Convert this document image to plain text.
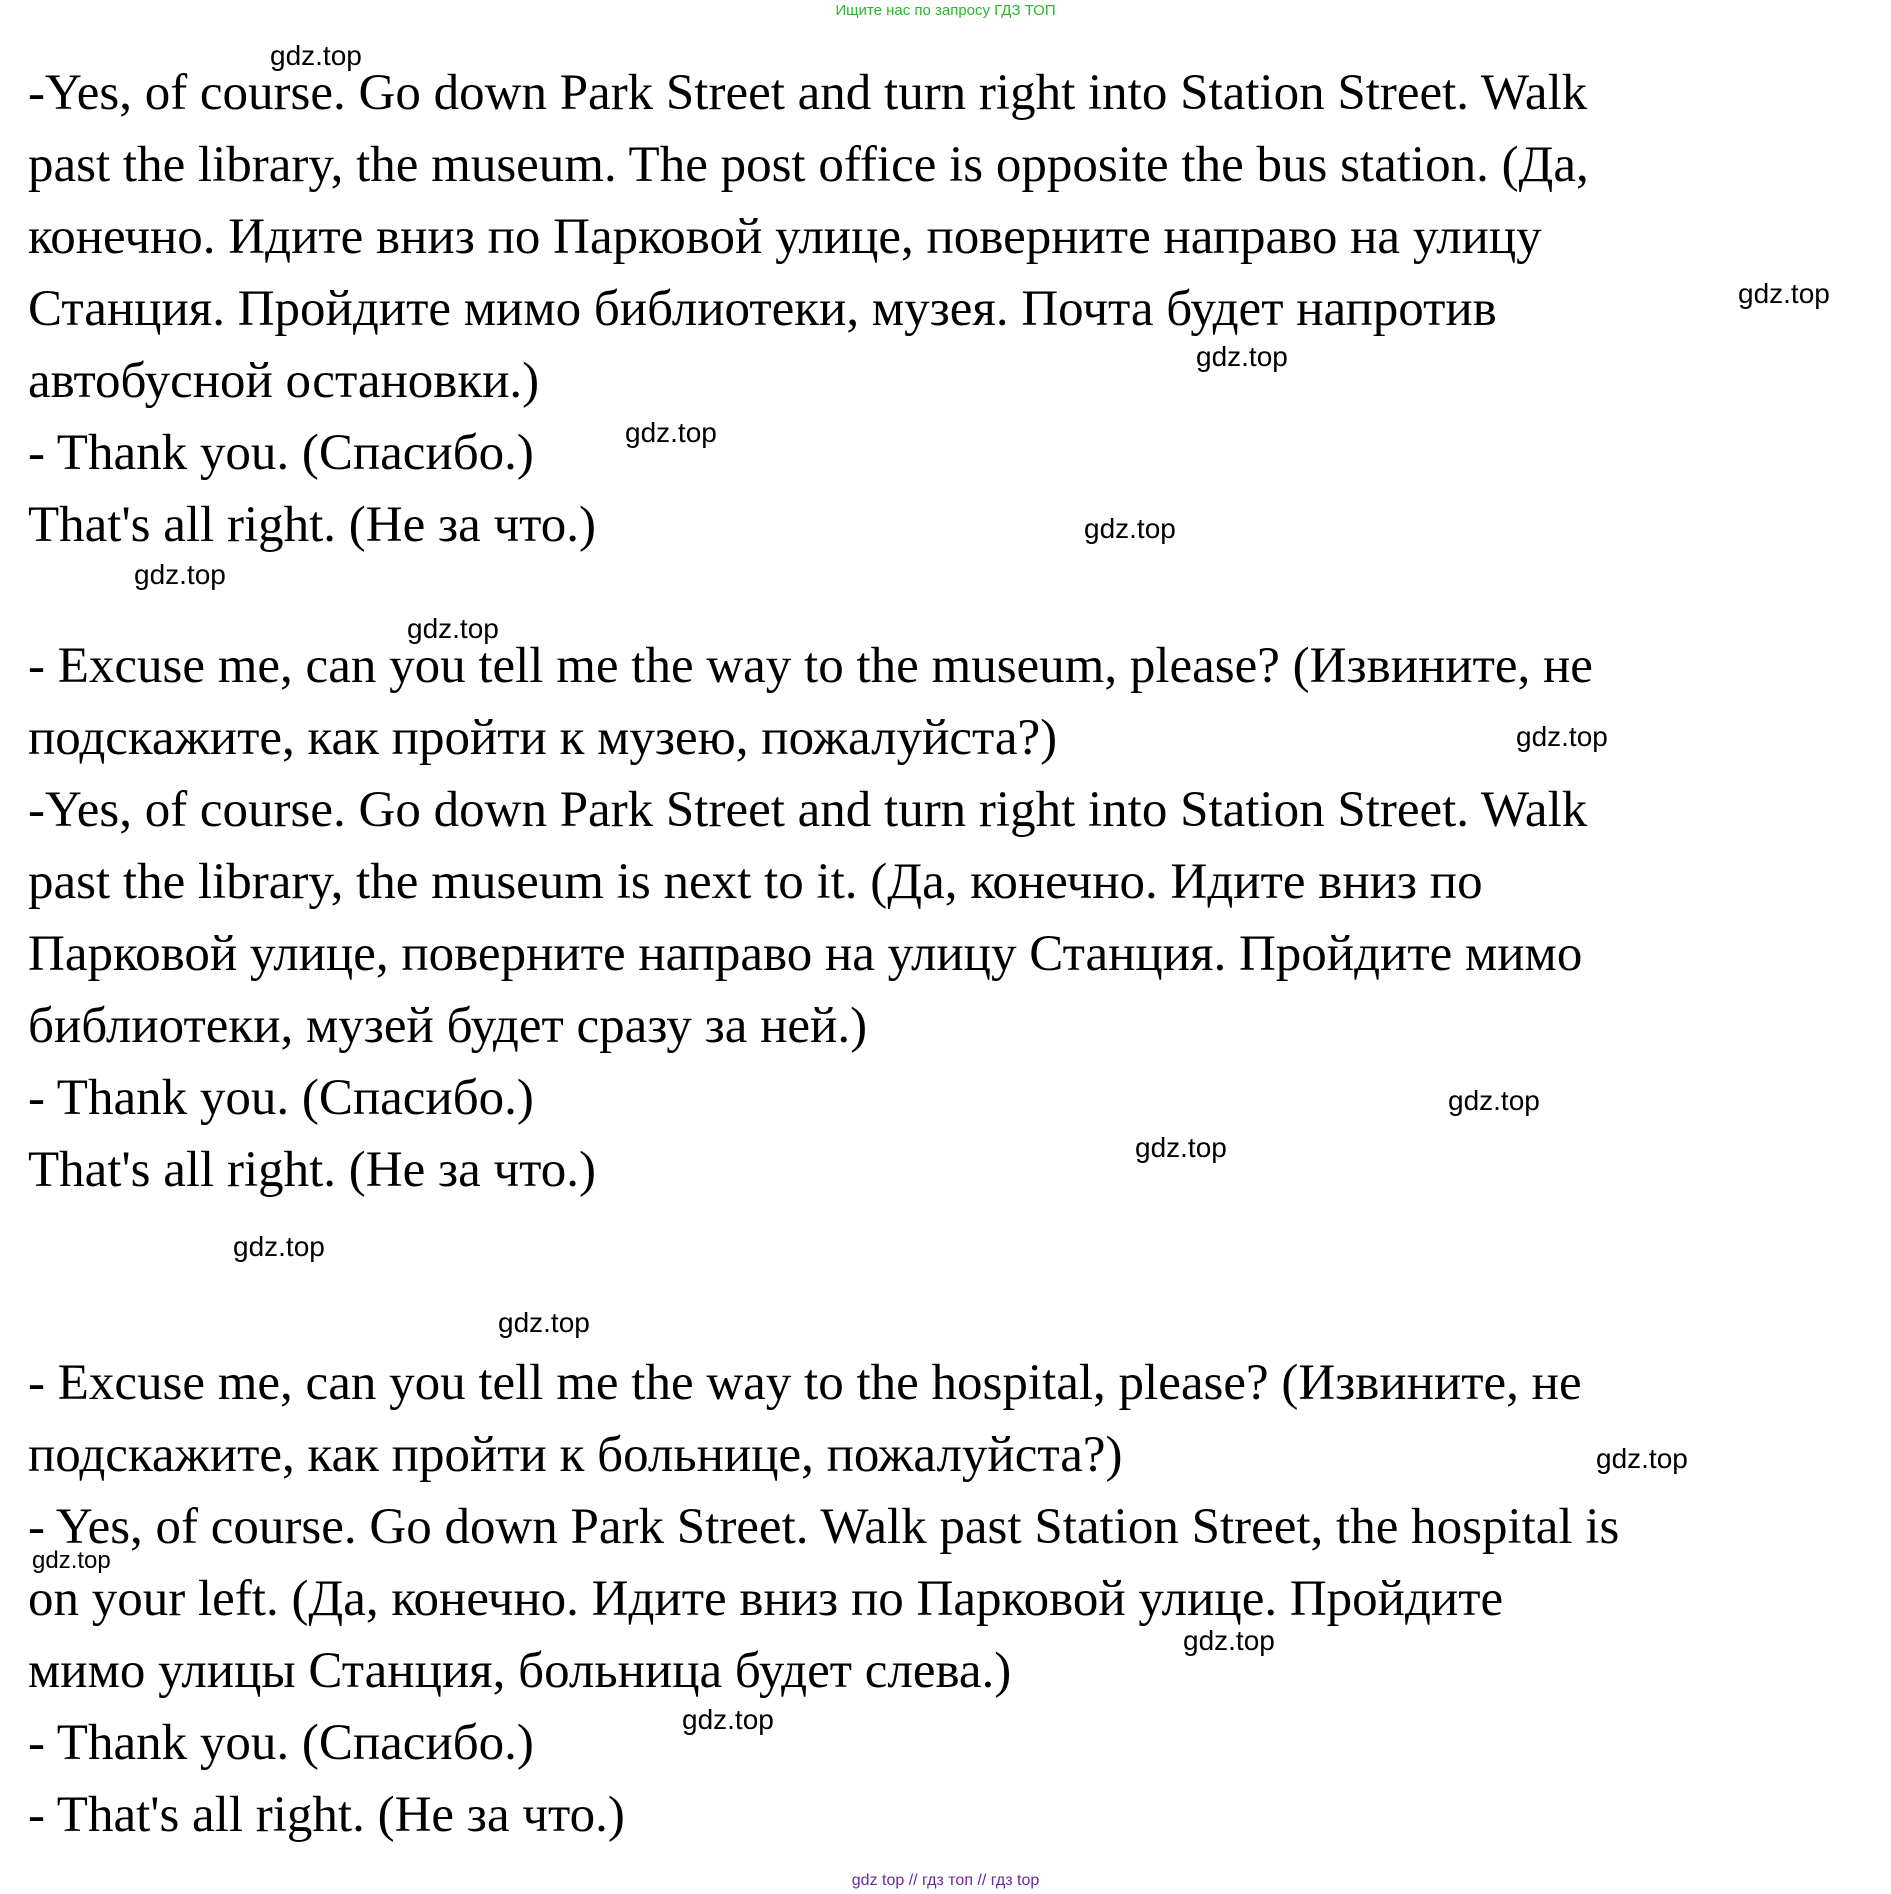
Ищите нас по запросу ГДЗ ТОП
-Yes, of course. Go down Park Street and turn right into Station Street. Walk
past the library, the museum. The post office is opposite the bus station. (Да,
конечно. Идите вниз по Парковой улице, поверните направо на улицу
Станция. Пройдите мимо библиотеки, музея. Почта будет напротив
автобусной остановки.)
- Thank you. (Спасибо.)
That's all right. (Не за что.)
- Excuse me, can you tell me the way to the museum, please? (Извините, не
подскажите, как пройти к музею, пожалуйста?)
-Yes, of course. Go down Park Street and turn right into Station Street. Walk
past the library, the museum is next to it. (Да, конечно. Идите вниз по
Парковой улице, поверните направо на улицу Станция. Пройдите мимо
библиотеки, музей будет сразу за ней.)
- Thank you. (Спасибо.)
That's all right. (Не за что.)
- Excuse me, can you tell me the way to the hospital, please? (Извините, не
подскажите, как пройти к больнице, пожалуйста?)
- Yes, of course. Go down Park Street. Walk past Station Street, the hospital is
on your left. (Да, конечно. Идите вниз по Парковой улице. Пройдите
мимо улицы Станция, больница будет слева.)
- Thank you. (Спасибо.)
- That's all right. (Не за что.)
gdz.top
gdz.top
gdz.top
gdz.top
gdz.top
gdz.top
gdz.top
gdz.top
gdz.top
gdz.top
gdz.top
gdz.top
gdz.top
gdz.top
gdz.top
gdz.top
gdz top // гдз топ // гдз top
